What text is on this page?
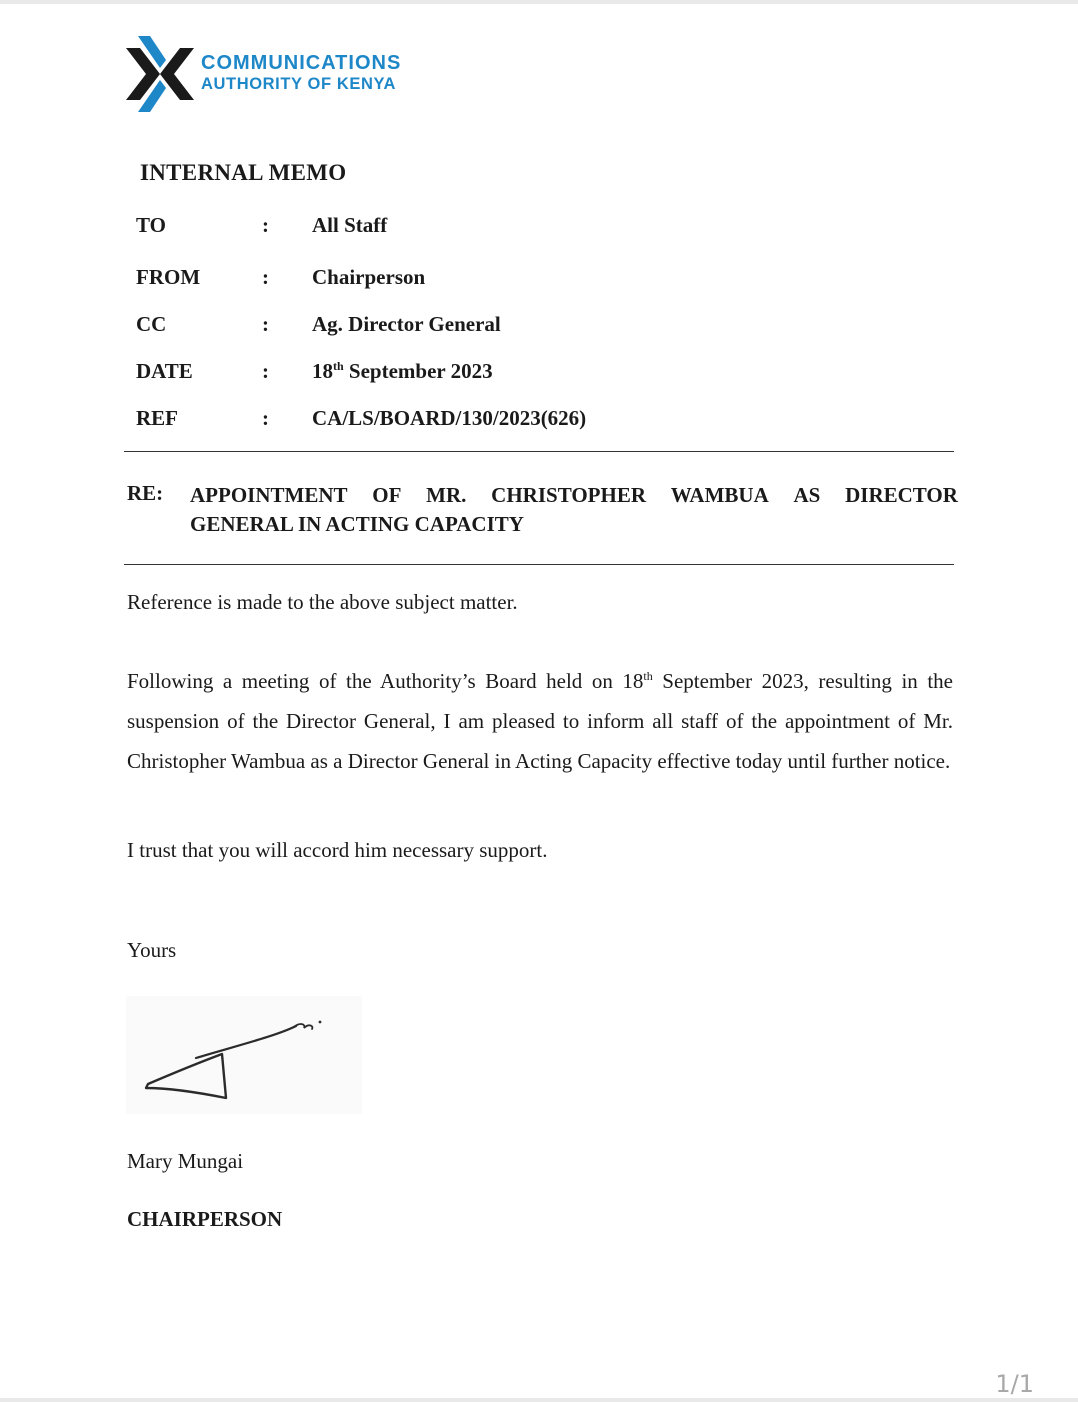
COMMUNICATIONS
AUTHORITY OF KENYA
INTERNAL MEMO
TO	: All Staff
FROM	: Chairperson
CC	: Ag. Director General
DATE	: 18th September 2023
REF	: CA/LS/BOARD/130/2023(626)
RE: APPOINTMENT OF MR. CHRISTOPHER WAMBUA AS DIRECTOR
GENERAL IN ACTING CAPACITY
Reference is made to the above subject matter.
Following a meeting of the Authority’s Board held on 18th September 2023, resulting in the suspension of the Director General, I am pleased to inform all staff of the appointment of Mr. Christopher Wambua as a Director General in Acting Capacity effective today until further notice.
I trust that you will accord him necessary support.
Yours
Mary Mungai
CHAIRPERSON
1/1
